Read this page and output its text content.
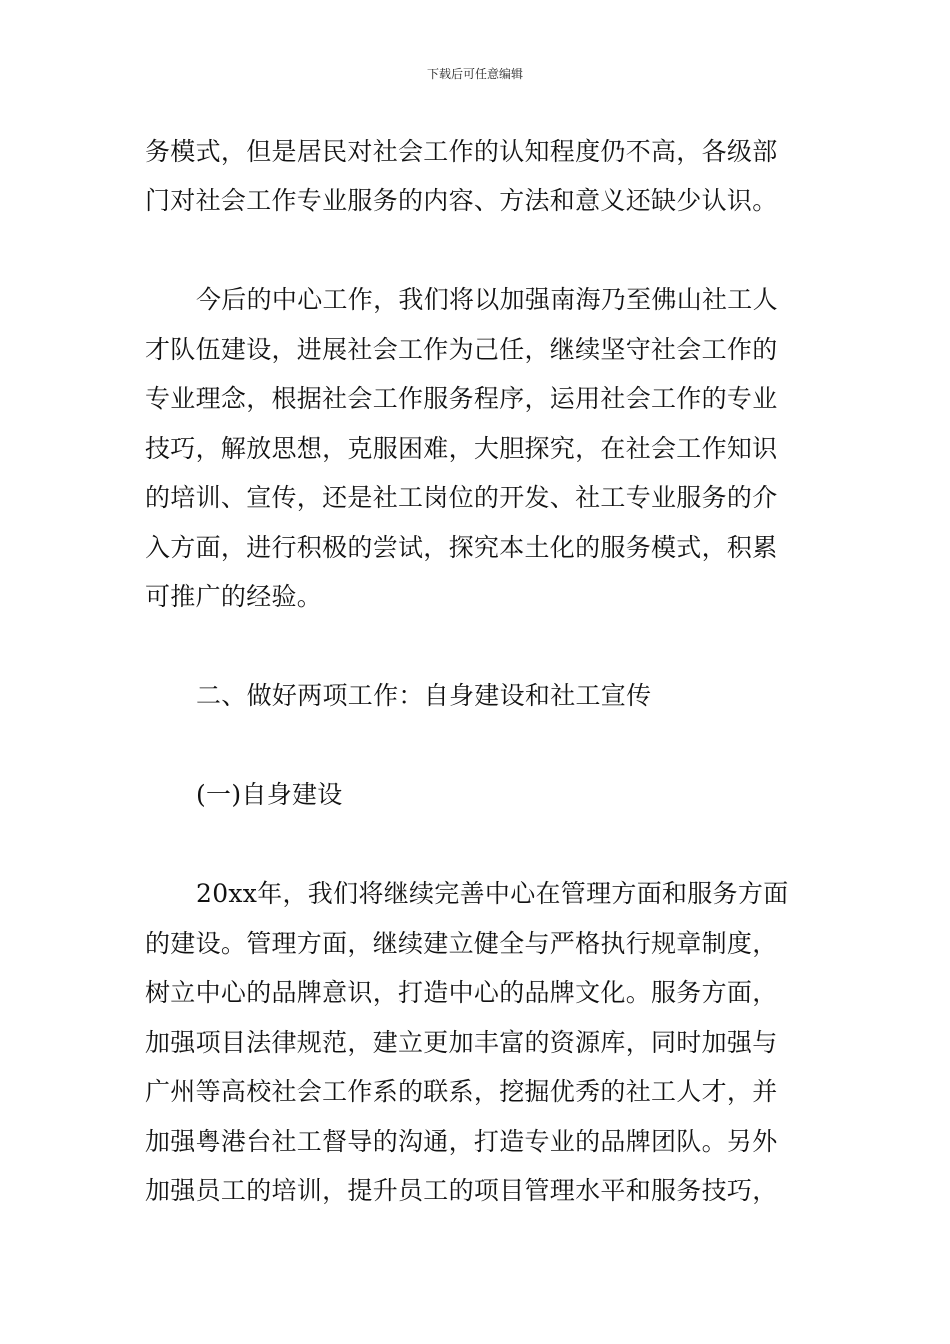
下载后可任意编辑
务模式，但是居民对社会工作的认知程度仍不高，各级部
门对社会工作专业服务的内容、方法和意义还缺少认识。
今后的中心工作，我们将以加强南海乃至佛山社工人
才队伍建设，进展社会工作为己任，继续坚守社会工作的
专业理念，根据社会工作服务程序，运用社会工作的专业
技巧，解放思想，克服困难，大胆探究，在社会工作知识
的培训、宣传，还是社工岗位的开发、社工专业服务的介
入方面，进行积极的尝试，探究本土化的服务模式，积累
可推广的经验。
二、做好两项工作：自身建设和社工宣传
(一)自身建设
20xx年，我们将继续完善中心在管理方面和服务方面
的建设。管理方面，继续建立健全与严格执行规章制度，
树立中心的品牌意识，打造中心的品牌文化。服务方面，
加强项目法律规范，建立更加丰富的资源库，同时加强与
广州等高校社会工作系的联系，挖掘优秀的社工人才，并
加强粤港台社工督导的沟通，打造专业的品牌团队。另外
加强员工的培训，提升员工的项目管理水平和服务技巧，
